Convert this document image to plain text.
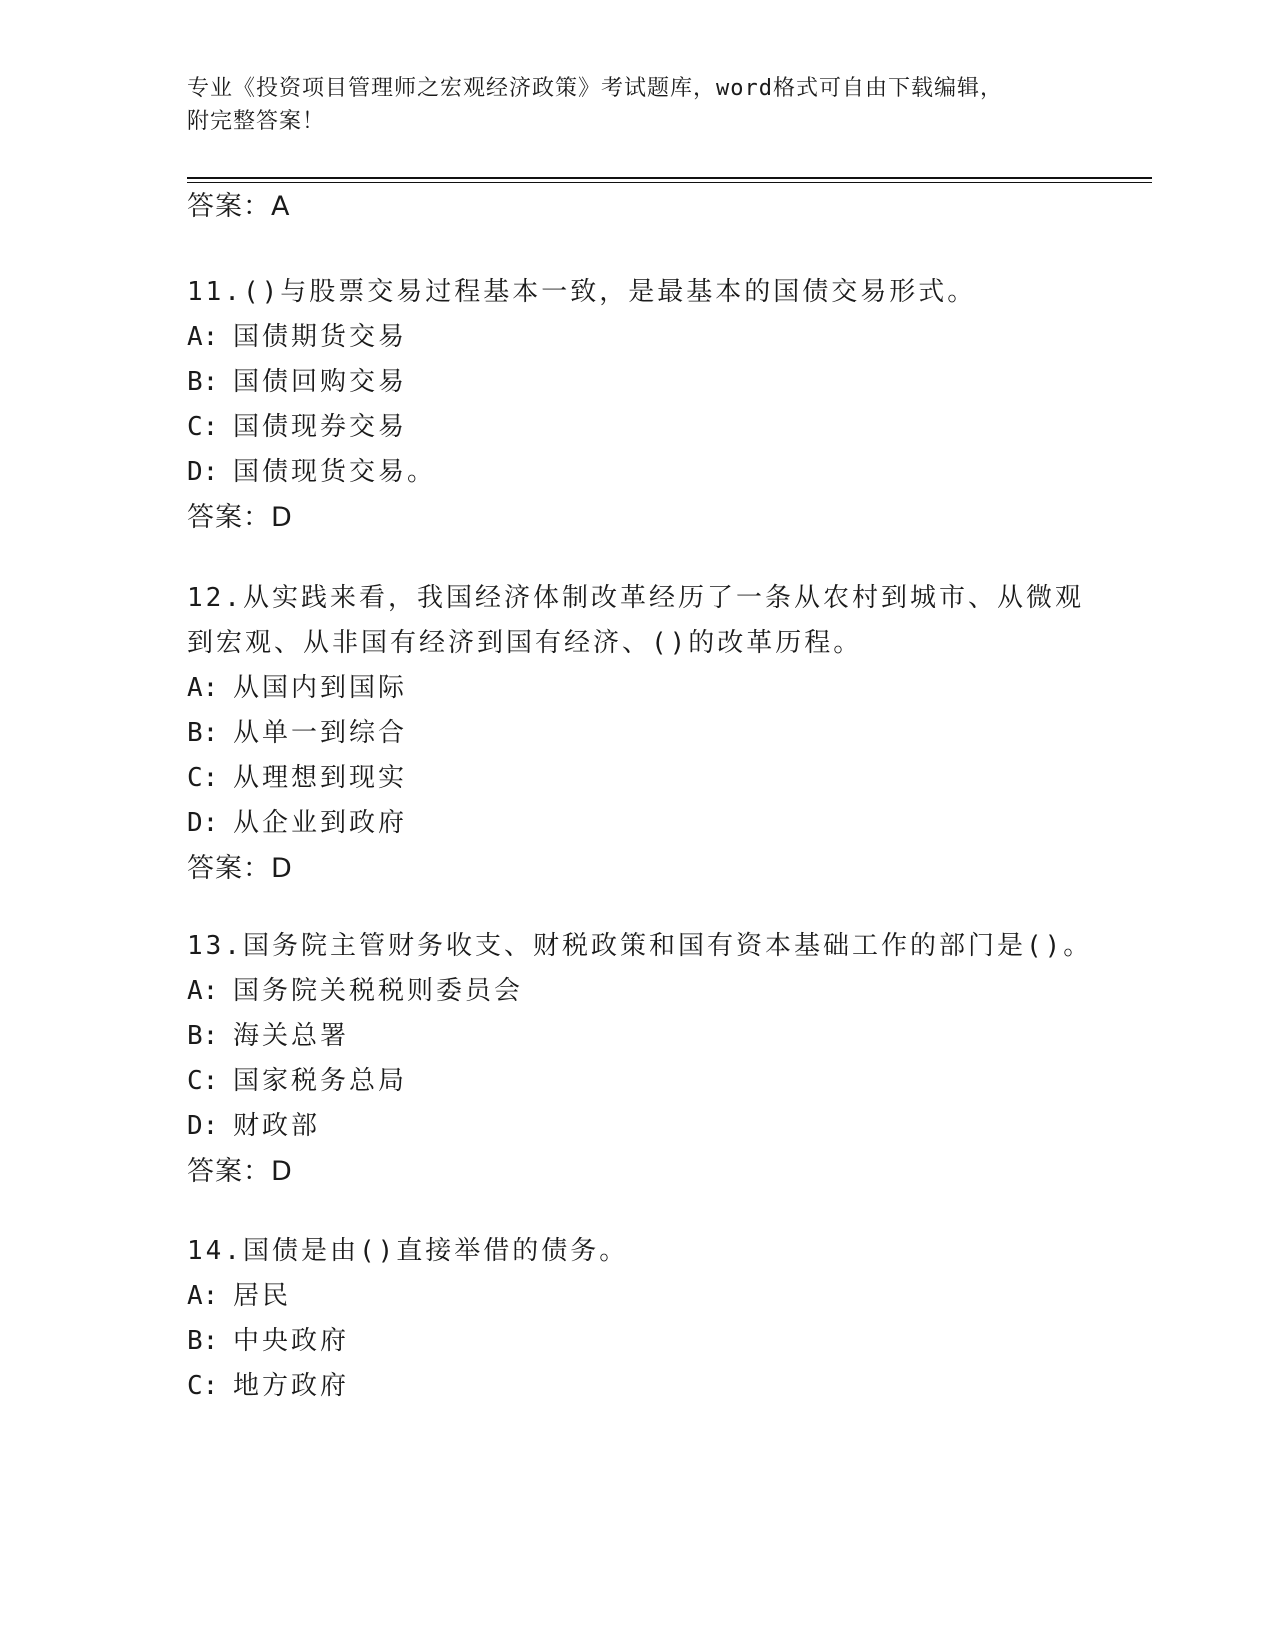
专业《投资项目管理师之宏观经济政策》考试题库，word格式可自由下载编辑，
附完整答案！
答案：A
11.()与股票交易过程基本一致，是最基本的国债交易形式。
A: 国债期货交易
B: 国债回购交易
C: 国债现券交易
D: 国债现货交易。
答案：D
12.从实践来看，我国经济体制改革经历了一条从农村到城市、从微观
到宏观、从非国有经济到国有经济、()的改革历程。
A: 从国内到国际
B: 从单一到综合
C: 从理想到现实
D: 从企业到政府
答案：D
13.国务院主管财务收支、财税政策和国有资本基础工作的部门是()。
A: 国务院关税税则委员会
B: 海关总署
C: 国家税务总局
D: 财政部
答案：D
14.国债是由()直接举借的债务。
A: 居民
B: 中央政府
C: 地方政府
